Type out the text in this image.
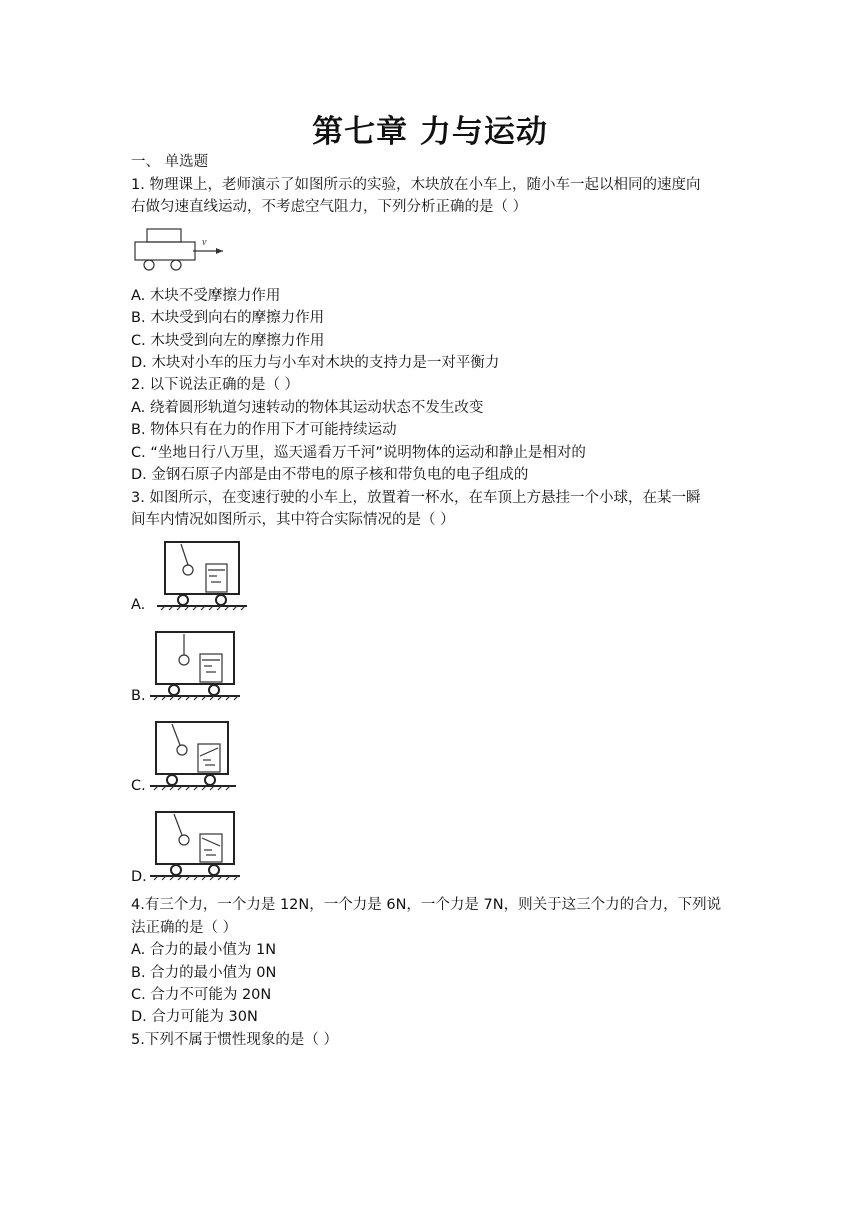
第七章 力与运动
一、 单选题
1. 物理课上，老师演示了如图所示的实验，木块放在小车上，随小车一起以相同的速度向
右做匀速直线运动，不考虑空气阻力，下列分析正确的是（ ）
v
A. 木块不受摩擦力作用
B. 木块受到向右的摩擦力作用
C. 木块受到向左的摩擦力作用
D. 木块对小车的压力与小车对木块的支持力是一对平衡力
2. 以下说法正确的是（ ）
A. 绕着圆形轨道匀速转动的物体其运动状态不发生改变
B. 物体只有在力的作用下才可能持续运动
C. “坐地日行八万里，巡天遥看万千河”说明物体的运动和静止是相对的
D. 金钢石原子内部是由不带电的原子核和带负电的电子组成的
3. 如图所示，在变速行驶的小车上，放置着一杯水，在车顶上方悬挂一个小球，在某一瞬
间车内情况如图所示，其中符合实际情况的是（ ）
A.
B.
C.
D.
4.有三个力，一个力是 12N，一个力是 6N，一个力是 7N，则关于这三个力的合力，下列说
法正确的是（ ）
A. 合力的最小值为 1N
B. 合力的最小值为 0N
C. 合力不可能为 20N
D. 合力可能为 30N
5.下列不属于惯性现象的是（ ）
